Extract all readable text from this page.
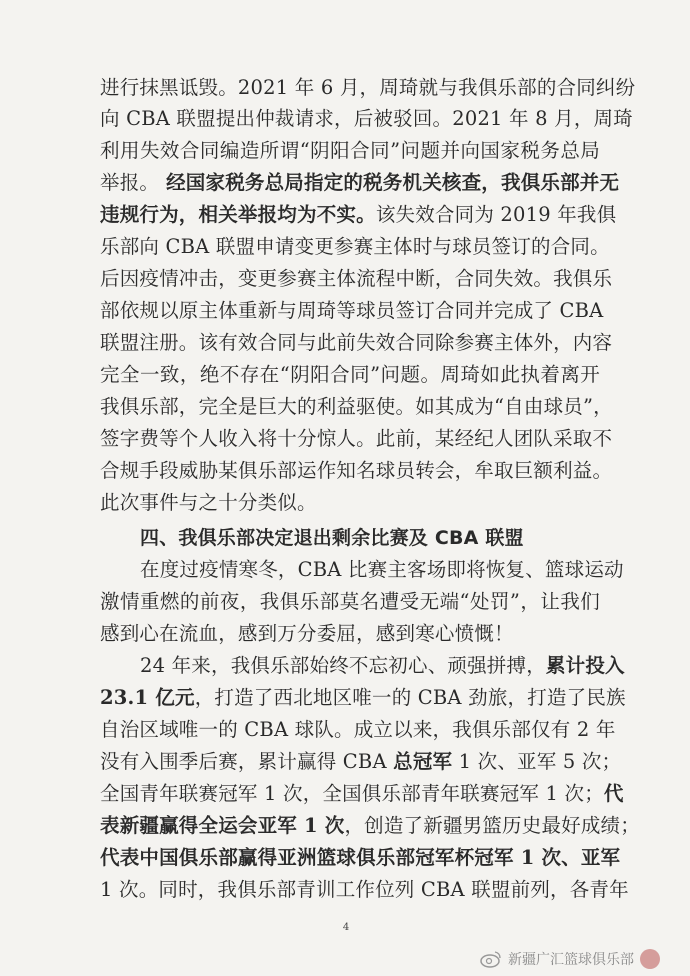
进行抹黑诋毁。2021 年 6 月，周琦就与我俱乐部的合同纠纷
向 CBA 联盟提出仲裁请求，后被驳回。2021 年 8 月，周琦
利用失效合同编造所谓“阴阳合同”问题并向国家税务总局
举报。 经国家税务总局指定的税务机关核查，我俱乐部并无
违规行为，相关举报均为不实。该失效合同为 2019 年我俱
乐部向 CBA 联盟申请变更参赛主体时与球员签订的合同。
后因疫情冲击，变更参赛主体流程中断，合同失效。我俱乐
部依规以原主体重新与周琦等球员签订合同并完成了 CBA
联盟注册。该有效合同与此前失效合同除参赛主体外，内容
完全一致，绝不存在“阴阳合同”问题。周琦如此执着离开
我俱乐部，完全是巨大的利益驱使。如其成为“自由球员”，
签字费等个人收入将十分惊人。此前，某经纪人团队采取不
合规手段威胁某俱乐部运作知名球员转会，牟取巨额利益。
此次事件与之十分类似。
四、我俱乐部决定退出剩余比赛及 CBA 联盟
在度过疫情寒冬，CBA 比赛主客场即将恢复、篮球运动
激情重燃的前夜，我俱乐部莫名遭受无端“处罚”，让我们
感到心在流血，感到万分委屈，感到寒心愤慨！
24 年来，我俱乐部始终不忘初心、顽强拼搏，累计投入
23.1 亿元，打造了西北地区唯一的 CBA 劲旅，打造了民族
自治区域唯一的 CBA 球队。成立以来，我俱乐部仅有 2 年
没有入围季后赛，累计赢得 CBA 总冠军 1 次、亚军 5 次；
全国青年联赛冠军 1 次，全国俱乐部青年联赛冠军 1 次；代
表新疆赢得全运会亚军 1 次，创造了新疆男篮历史最好成绩；
代表中国俱乐部赢得亚洲篮球俱乐部冠军杯冠军 1 次、亚军
1 次。同时，我俱乐部青训工作位列 CBA 联盟前列，各青年
4
新疆广汇篮球俱乐部
